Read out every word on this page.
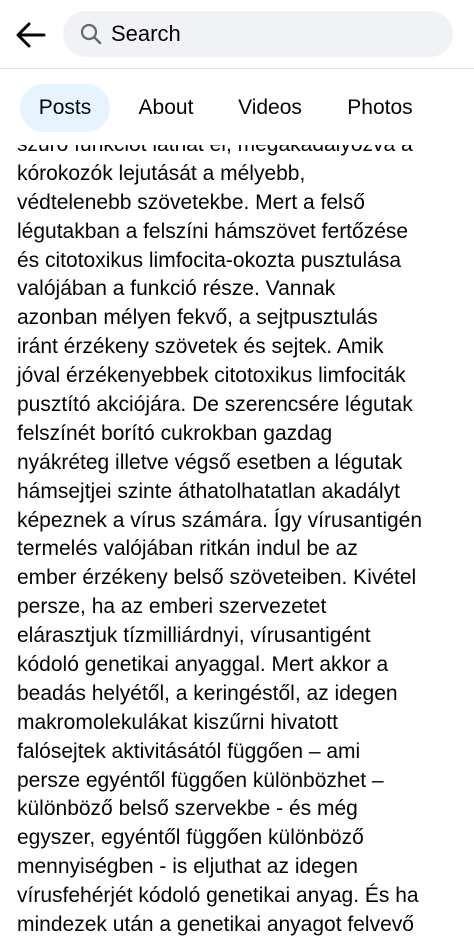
Search
Posts	About	Videos	Photos
kórokozók lejutását a mélyebb,
védtelenebb szövetekbe. Mert a felső
légutakban a felszíni hámszövet fertőzése
és citotoxikus limfocita-okozta pusztulása
valójában a funkció része. Vannak
azonban mélyen fekvő, a sejtpusztulás
iránt érzékeny szövetek és sejtek. Amik
jóval érzékenyebbek citotoxikus limfociták
pusztító akciójára. De szerencsére légutak
felszínét borító cukrokban gazdag
nyákréteg illetve végső esetben a légutak
hámsejtjei szinte áthatolhatatlan akadályt
képeznek a vírus számára. Így vírusantigén
termelés valójában ritkán indul be az
ember érzékeny belső szöveteiben. Kivétel
persze, ha az emberi szervezetet
elárasztjuk tízmilliárdnyi, vírusantigént
kódoló genetikai anyaggal. Mert akkor a
beadás helyétől, a keringéstől, az idegen
makromolekulákat kiszűrni hivatott
falósejtek aktivitásától függően – ami
persze egyéntől függően különbözhet –
különböző belső szervekbe - és még
egyszer, egyéntől függően különböző
mennyiségben - is eljuthat az idegen
vírusfehérjét kódoló genetikai anyag. És ha
mindezek után a genetikai anyagot felvevő
